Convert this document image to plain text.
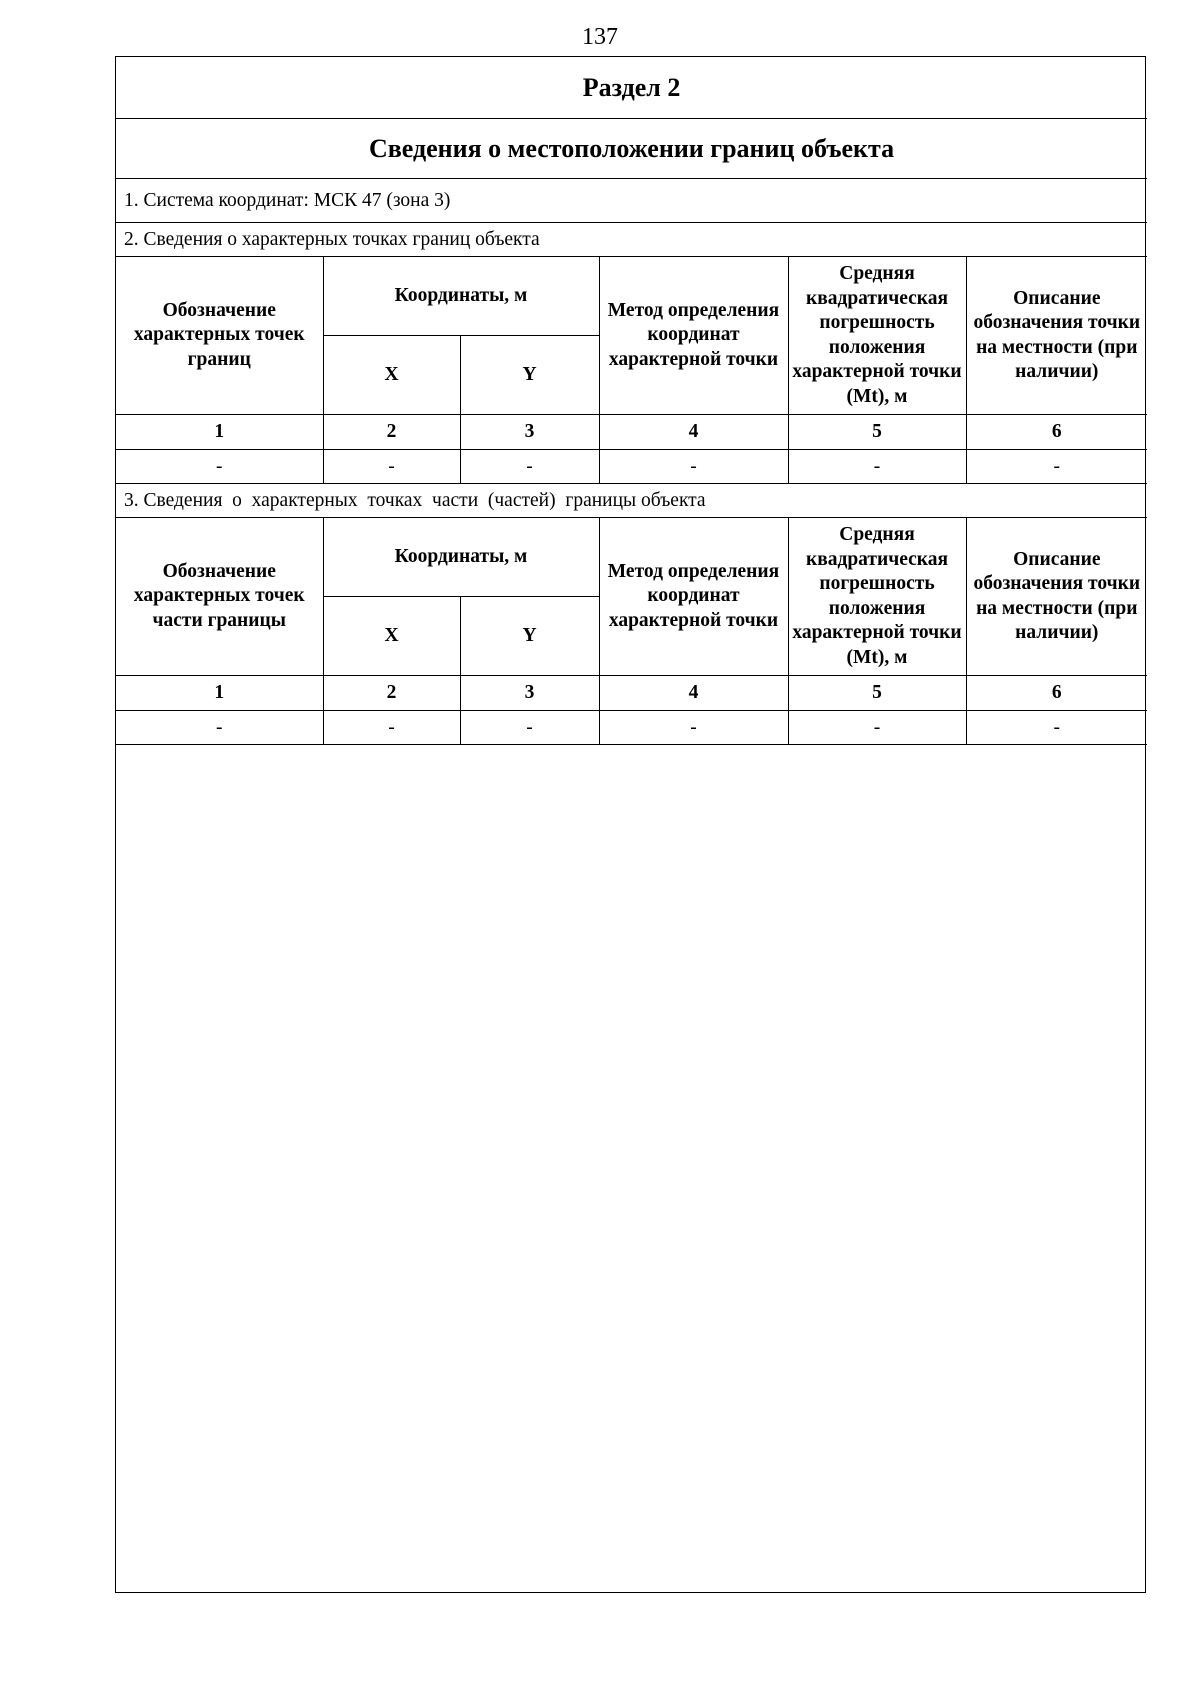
137
Раздел 2					
Сведения о местоположении границ объекта					
1. Система координат: МСК 47 (зона 3)					
2. Сведения о характерных точках границ объекта					
Обозначение характерных точек границ	Координаты, м		Метод определения координат характерной точки	Средняя квадратическая погрешность положения характерной точки (Mt), м	Описание обозначения точки на местности (при наличии)
	X	Y			
1	2	3	4	5	6
-	-	-	-	-	-
3. Сведения  о  характерных  точках  части  (частей)  границы объекта					
Обозначение характерных точек части границы	Координаты, м		Метод определения координат характерной точки	Средняя квадратическая погрешность положения характерной точки (Mt), м	Описание обозначения точки на местности (при наличии)
	X	Y			
1	2	3	4	5	6
-	-	-	-	-	-
